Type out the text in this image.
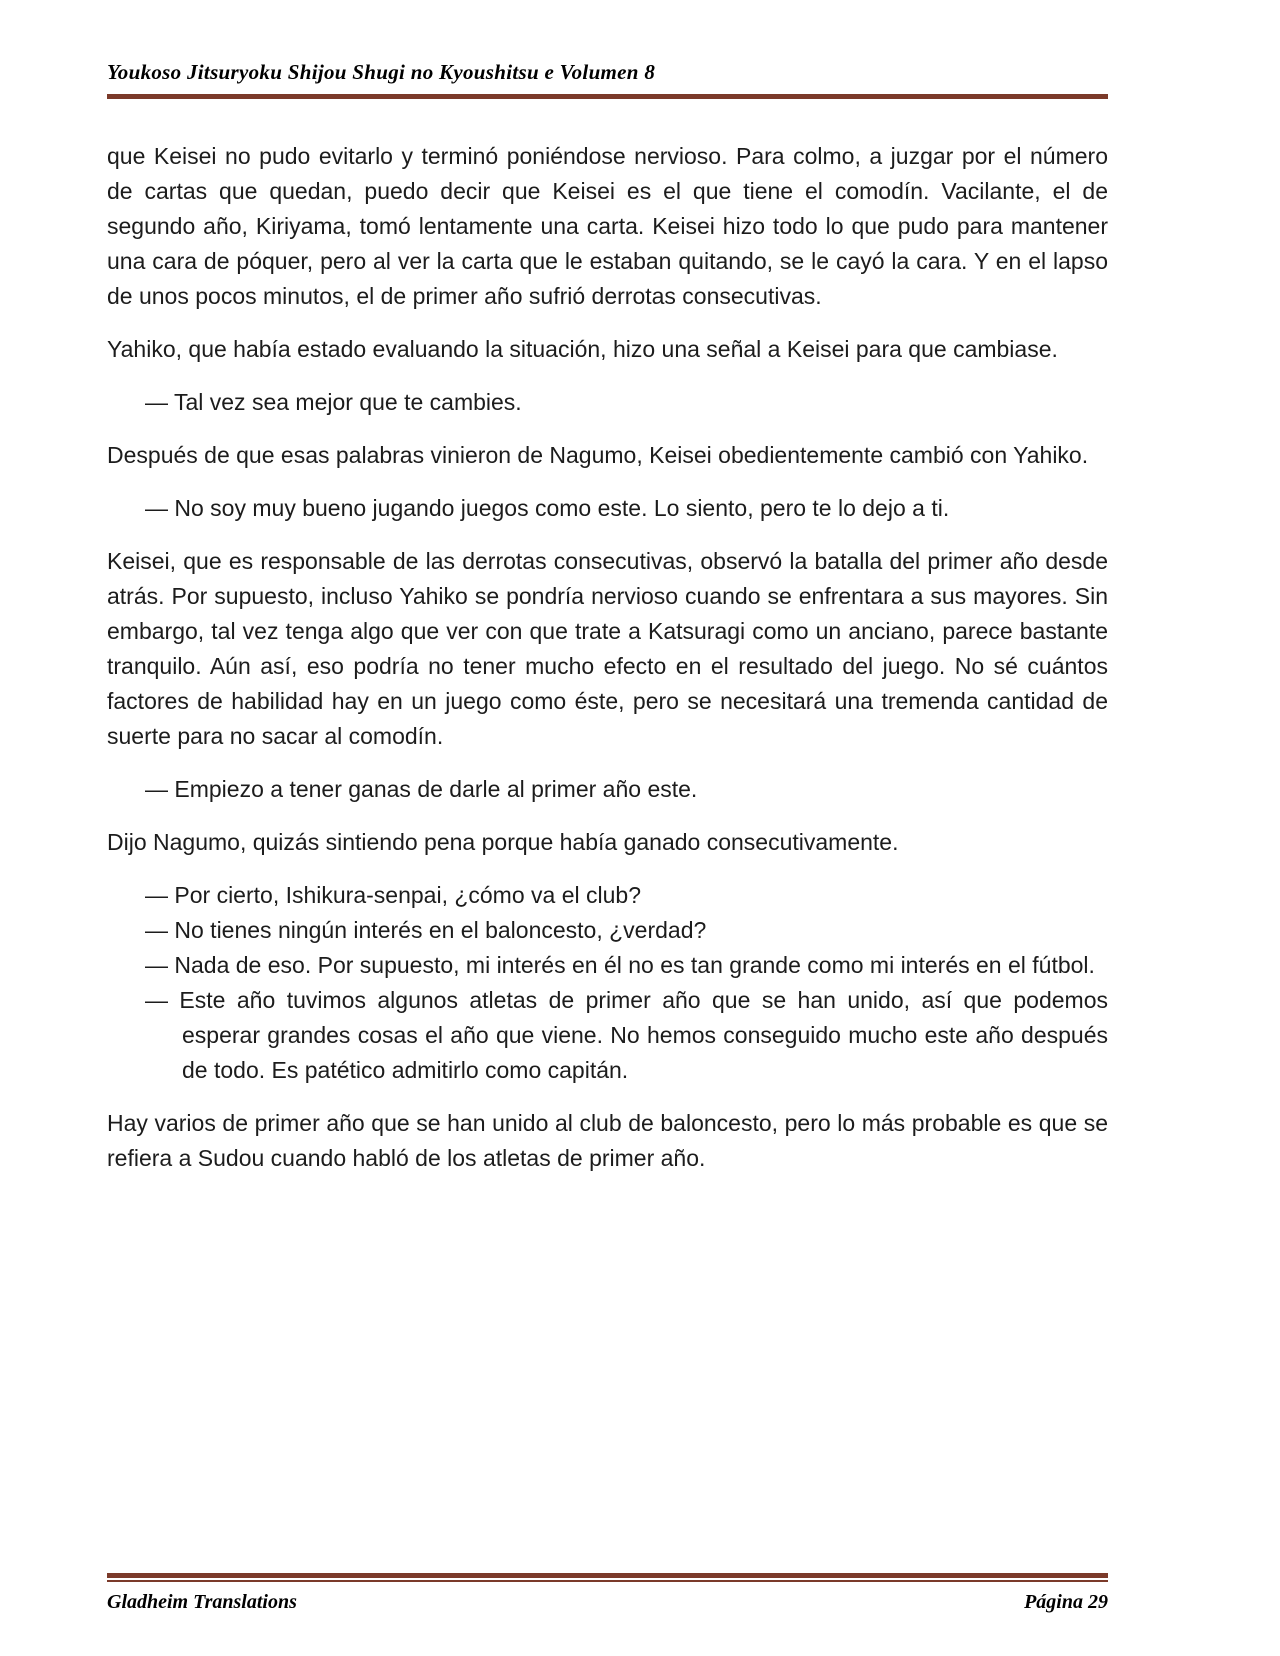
Youkoso Jitsuryoku Shijou Shugi no Kyoushitsu e Volumen 8

que Keisei no pudo evitarlo y terminó poniéndose nervioso. Para colmo, a juzgar por el número de cartas que quedan, puedo decir que Keisei es el que tiene el comodín. Vacilante, el de segundo año, Kiriyama, tomó lentamente una carta. Keisei hizo todo lo que pudo para mantener una cara de póquer, pero al ver la carta que le estaban quitando, se le cayó la cara. Y en el lapso de unos pocos minutos, el de primer año sufrió derrotas consecutivas.

Yahiko, que había estado evaluando la situación, hizo una señal a Keisei para que cambiase.

— Tal vez sea mejor que te cambies.

Después de que esas palabras vinieron de Nagumo, Keisei obedientemente cambió con Yahiko.

— No soy muy bueno jugando juegos como este. Lo siento, pero te lo dejo a ti.

Keisei, que es responsable de las derrotas consecutivas, observó la batalla del primer año desde atrás. Por supuesto, incluso Yahiko se pondría nervioso cuando se enfrentara a sus mayores. Sin embargo, tal vez tenga algo que ver con que trate a Katsuragi como un anciano, parece bastante tranquilo. Aún así, eso podría no tener mucho efecto en el resultado del juego. No sé cuántos factores de habilidad hay en un juego como éste, pero se necesitará una tremenda cantidad de suerte para no sacar al comodín.

— Empiezo a tener ganas de darle al primer año este.

Dijo Nagumo, quizás sintiendo pena porque había ganado consecutivamente.

— Por cierto, Ishikura-senpai, ¿cómo va el club?
— No tienes ningún interés en el baloncesto, ¿verdad?
— Nada de eso. Por supuesto, mi interés en él no es tan grande como mi interés en el fútbol.
— Este año tuvimos algunos atletas de primer año que se han unido, así que podemos esperar grandes cosas el año que viene. No hemos conseguido mucho este año después de todo. Es patético admitirlo como capitán.

Hay varios de primer año que se han unido al club de baloncesto, pero lo más probable es que se refiera a Sudou cuando habló de los atletas de primer año.

Gladheim Translations	Página 29
